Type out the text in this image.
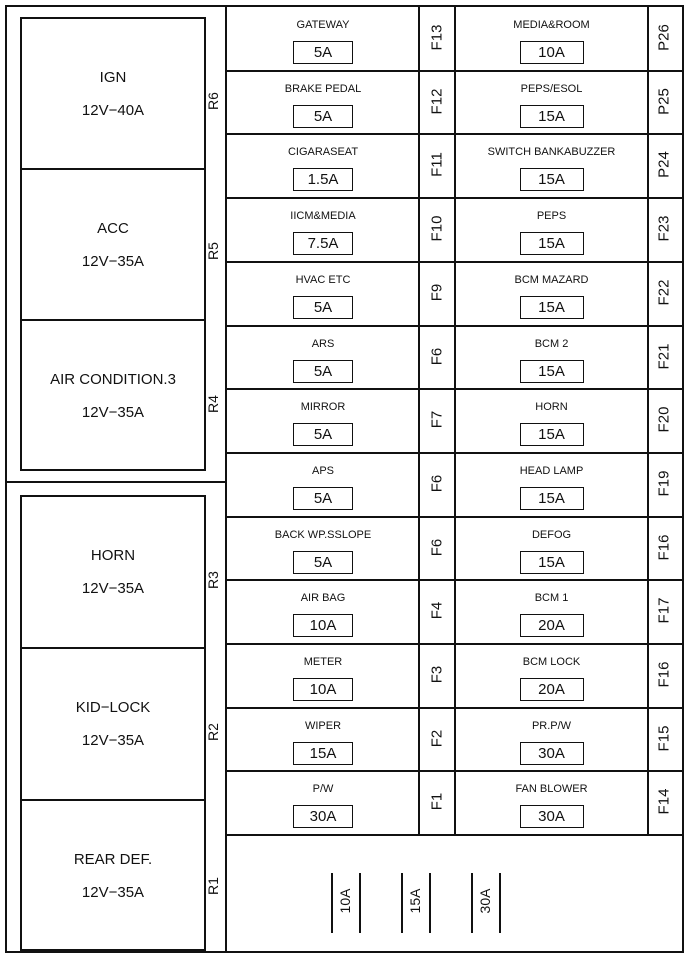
IGN
12V−40A
ACC
12V−35A
AIR CONDITION.3
12V−35A
HORN
12V−35A
KID−LOCK
12V−35A
REAR DEF.
12V−35A
R6
R5
R4
R3
R2
R1
GATEWAY
5A
F13
BRAKE PEDAL
5A
F12
CIGARASEAT
1.5A
F11
IICM&MEDIA
7.5A
F10
HVAC ETC
5A
F9
ARS
5A
F6
MIRROR
5A
F7
APS
5A
F6
BACK WP.SSLOPE
5A
F6
AIR BAG
10A
F4
METER
10A
F3
WIPER
15A
F2
P/W
30A
F1
MEDIA&ROOM
10A
P26
PEPS/ESOL
15A
P25
SWITCH BANKABUZZER
15A
P24
PEPS
15A
F23
BCM MAZARD
15A
F22
BCM 2
15A
F21
HORN
15A
F20
HEAD LAMP
15A
F19
DEFOG
15A
F16
BCM 1
20A
F17
BCM LOCK
20A
F16
PR.P/W
30A
F15
FAN BLOWER
30A
F14
10A	15A	30A
